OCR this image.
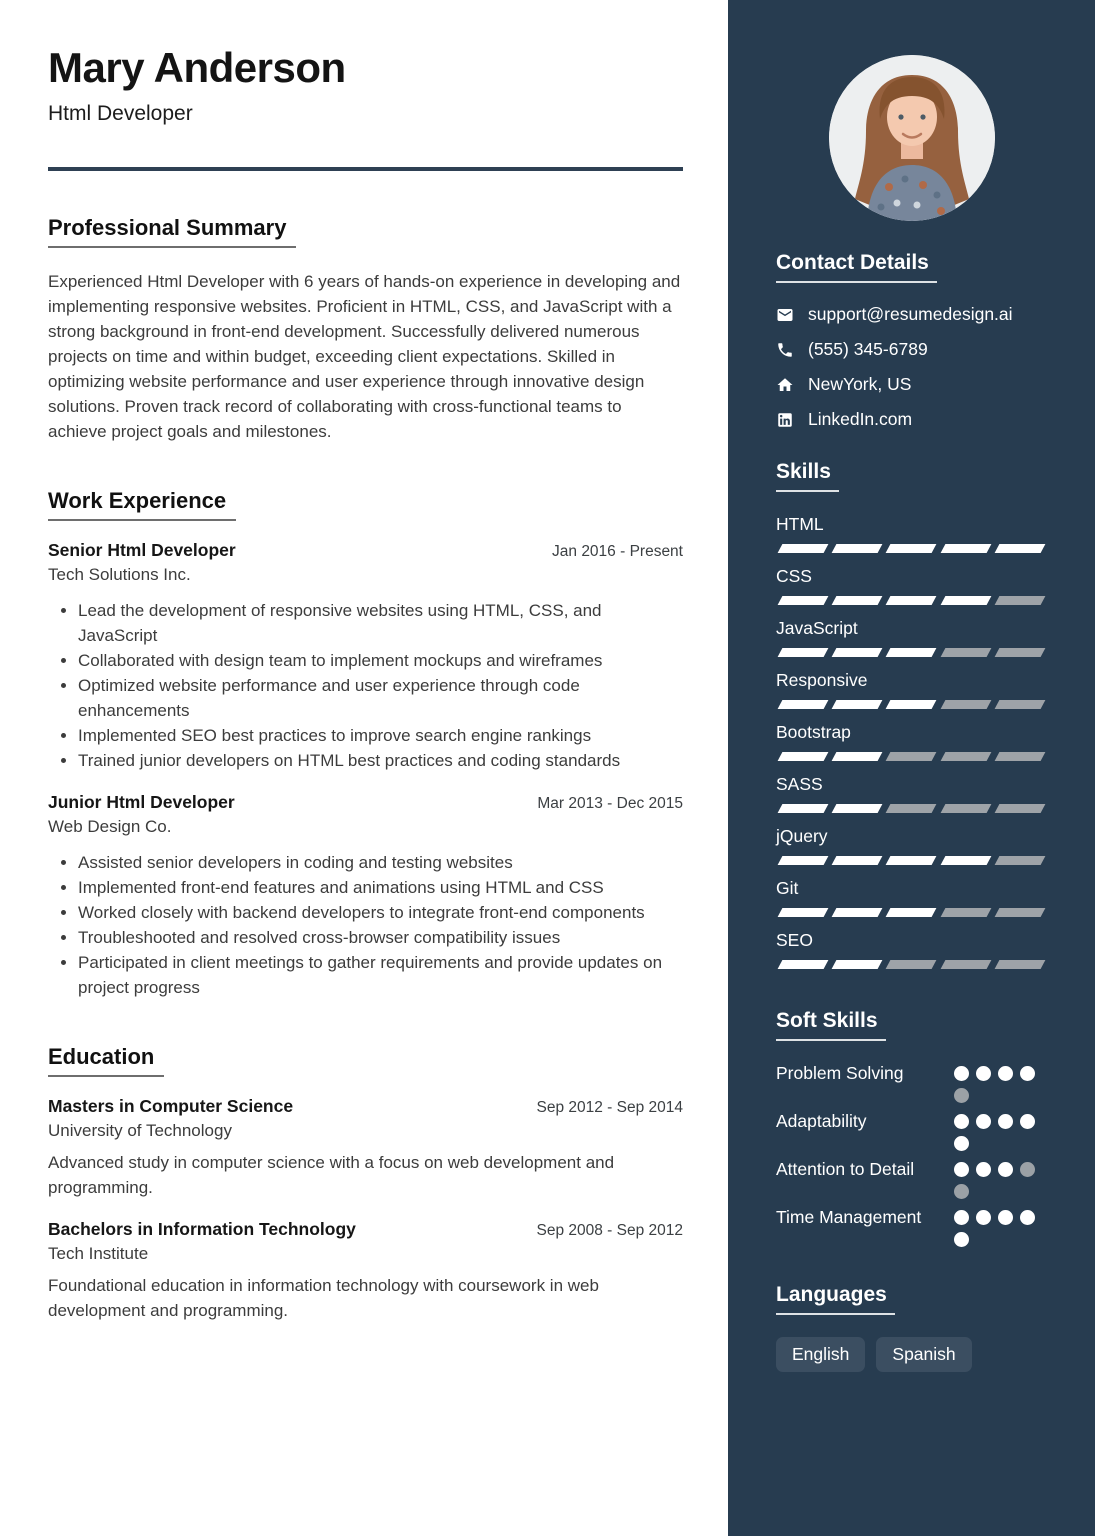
Mary Anderson
Html Developer
Professional Summary

Experienced Html Developer with 6 years of hands-on experience in developing and implementing responsive websites. Proficient in HTML, CSS, and JavaScript with a strong background in front-end development. Successfully delivered numerous projects on time and within budget, exceeding client expectations. Skilled in optimizing website performance and user experience through innovative design solutions. Proven track record of collaborating with cross-functional teams to achieve project goals and milestones.

Work Experience
Senior Html Developer	Jan 2016 - Present
Tech Solutions Inc.
• Lead the development of responsive websites using HTML, CSS, and JavaScript
• Collaborated with design team to implement mockups and wireframes
• Optimized website performance and user experience through code enhancements
• Implemented SEO best practices to improve search engine rankings
• Trained junior developers on HTML best practices and coding standards
Junior Html Developer	Mar 2013 - Dec 2015
Web Design Co.
• Assisted senior developers in coding and testing websites
• Implemented front-end features and animations using HTML and CSS
• Worked closely with backend developers to integrate front-end components
• Troubleshooted and resolved cross-browser compatibility issues
• Participated in client meetings to gather requirements and provide updates on project progress
Education
Masters in Computer Science	Sep 2012 - Sep 2014
University of Technology

Advanced study in computer science with a focus on web development and programming.

Bachelors in Information Technology	Sep 2008 - Sep 2012
Tech Institute

Foundational education in information technology with coursework in web development and programming.

Contact Details
support@resumedesign.ai
(555) 345-6789
NewYork, US
LinkedIn.com
Skills
HTML
CSS
JavaScript
Responsive
Bootstrap
SASS
jQuery
Git
SEO
Soft Skills
Problem Solving
Adaptability
Attention to Detail
Time Management
Languages
English	Spanish
